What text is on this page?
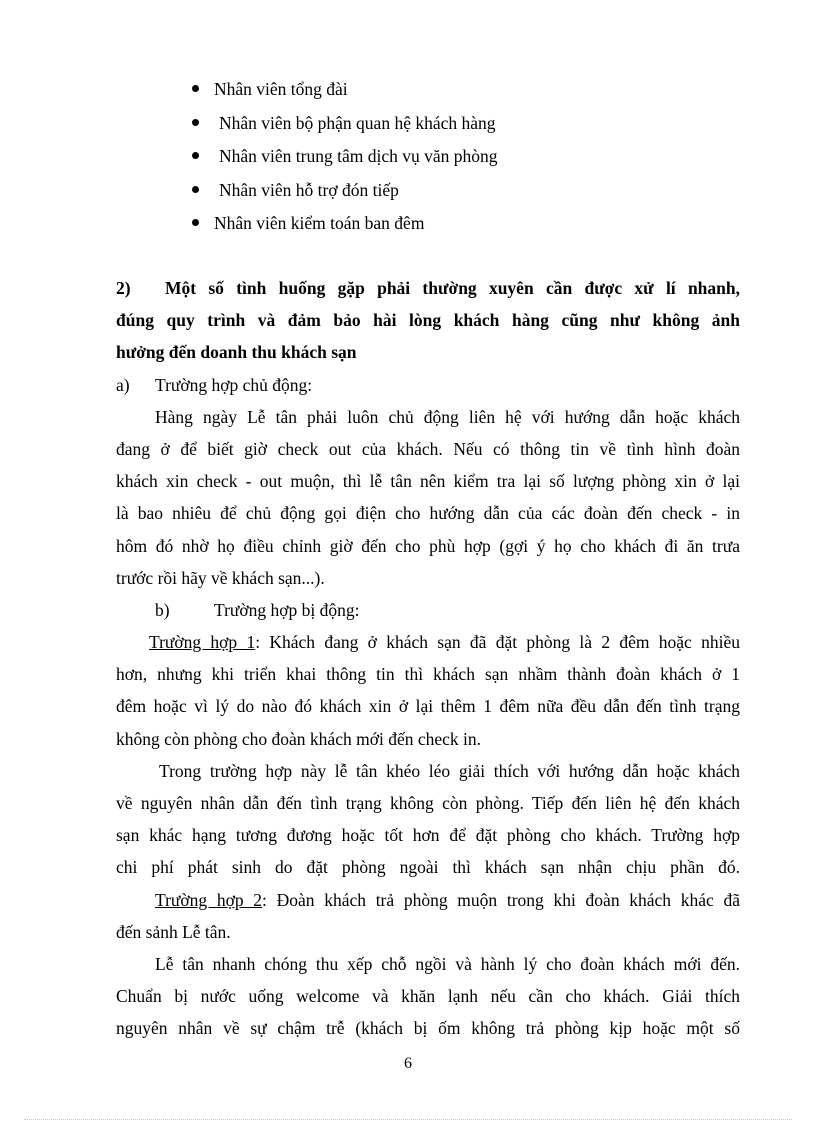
Nhân viên tổng đài
Nhân viên bộ phận quan hệ khách hàng
Nhân viên trung tâm dịch vụ văn phòng
Nhân viên hỗ trợ đón tiếp
Nhân viên kiểm toán ban đêm
2) Một số tình huống gặp phải thường xuyên cần được xử lí nhanh,
đúng quy trình và đảm bảo hài lòng khách hàng cũng như không ảnh
hưởng đến doanh thu khách sạn
a) Trường hợp chủ động:
Hàng ngày Lễ tân phải luôn chủ động liên hệ với hướng dẫn hoặc khách
đang ở để biết giờ check out của khách. Nếu có thông tin về tình hình đoàn
khách xin check - out muộn, thì lễ tân nên kiểm tra lại số lượng phòng xin ở lại
là bao nhiêu để chủ động gọi điện cho hướng dẫn của các đoàn đến check - in
hôm đó nhờ họ điều chỉnh giờ đến cho phù hợp (gợi ý họ cho khách đi ăn trưa
trước rồi hãy về khách sạn...).
b)	Trường hợp bị động:
Trường hợp 1: Khách đang ở khách sạn đã đặt phòng là 2 đêm hoặc nhiều
hơn, nhưng khi triển khai thông tin thì khách sạn nhầm thành đoàn khách ở 1
đêm hoặc vì lý do nào đó khách xin ở lại thêm 1 đêm nữa đều dẫn đến tình trạng
không còn phòng cho đoàn khách mới đến check in.
Trong trường hợp này lễ tân khéo léo giải thích với hướng dẫn hoặc khách
về nguyên nhân dẫn đến tình trạng không còn phòng. Tiếp đến liên hệ đến khách
sạn khác hạng tương đương hoặc tốt hơn để đặt phòng cho khách. Trường hợp
chi phí phát sinh do đặt phòng ngoài thì khách sạn nhận chịu phần đó.
Trường hợp 2: Đoàn khách trả phòng muộn trong khi đoàn khách khác đã
đến sảnh Lễ tân.
Lễ tân nhanh chóng thu xếp chỗ ngồi và hành lý cho đoàn khách mới đến.
Chuẩn bị nước uống welcome và khăn lạnh nếu cần cho khách. Giải thích
nguyên nhân về sự chậm trễ (khách bị ốm không trả phòng kịp hoặc một số
6
